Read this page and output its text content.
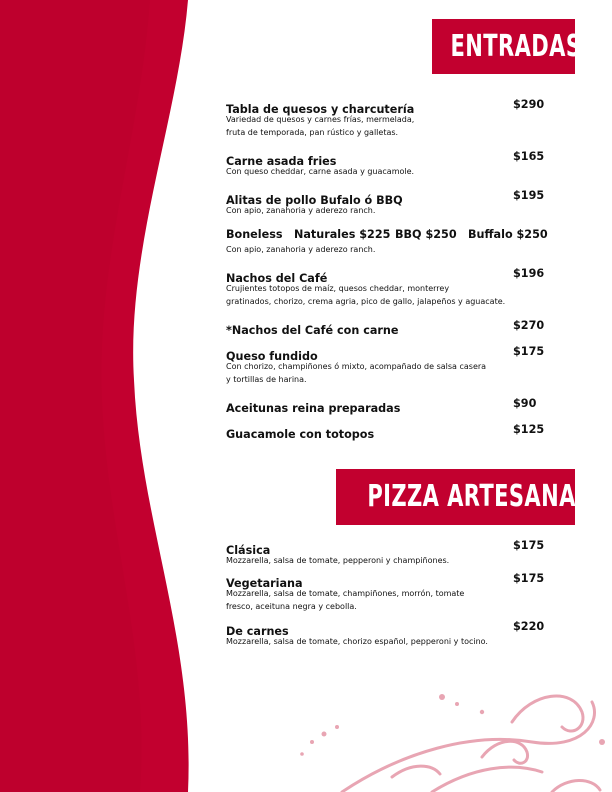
ENTRADAS
Tabla de quesos y charcutería	$290
Variedad de quesos y carnes frías, mermelada,
fruta de temporada, pan rústico y galletas.
Carne asada fries	$165
Con queso cheddar, carne asada y guacamole.
Alitas de pollo Bufalo ó BBQ	$195
Con apio, zanahoria y aderezo ranch.
Boneless Naturales $225 BBQ $250 Buffalo $250
Con apio, zanahoria y aderezo ranch.
Nachos del Café	$196
Crujientes totopos de maíz, quesos cheddar, monterrey
gratinados, chorizo, crema agria, pico de gallo, jalapeños y aguacate.
*Nachos del Café con carne	$270
Queso fundido	$175
Con chorizo, champiñones ó mixto, acompañado de salsa casera
y tortillas de harina.
Aceitunas reina preparadas	$90
Guacamole con totopos	$125
PIZZA ARTESANAL
Clásica	$175
Mozzarella, salsa de tomate, pepperoni y champiñones.
Vegetariana	$175
Mozzarella, salsa de tomate, champiñones, morrón, tomate
fresco, aceituna negra y cebolla.
De carnes	$220
Mozzarella, salsa de tomate, chorizo español, pepperoni y tocino.
